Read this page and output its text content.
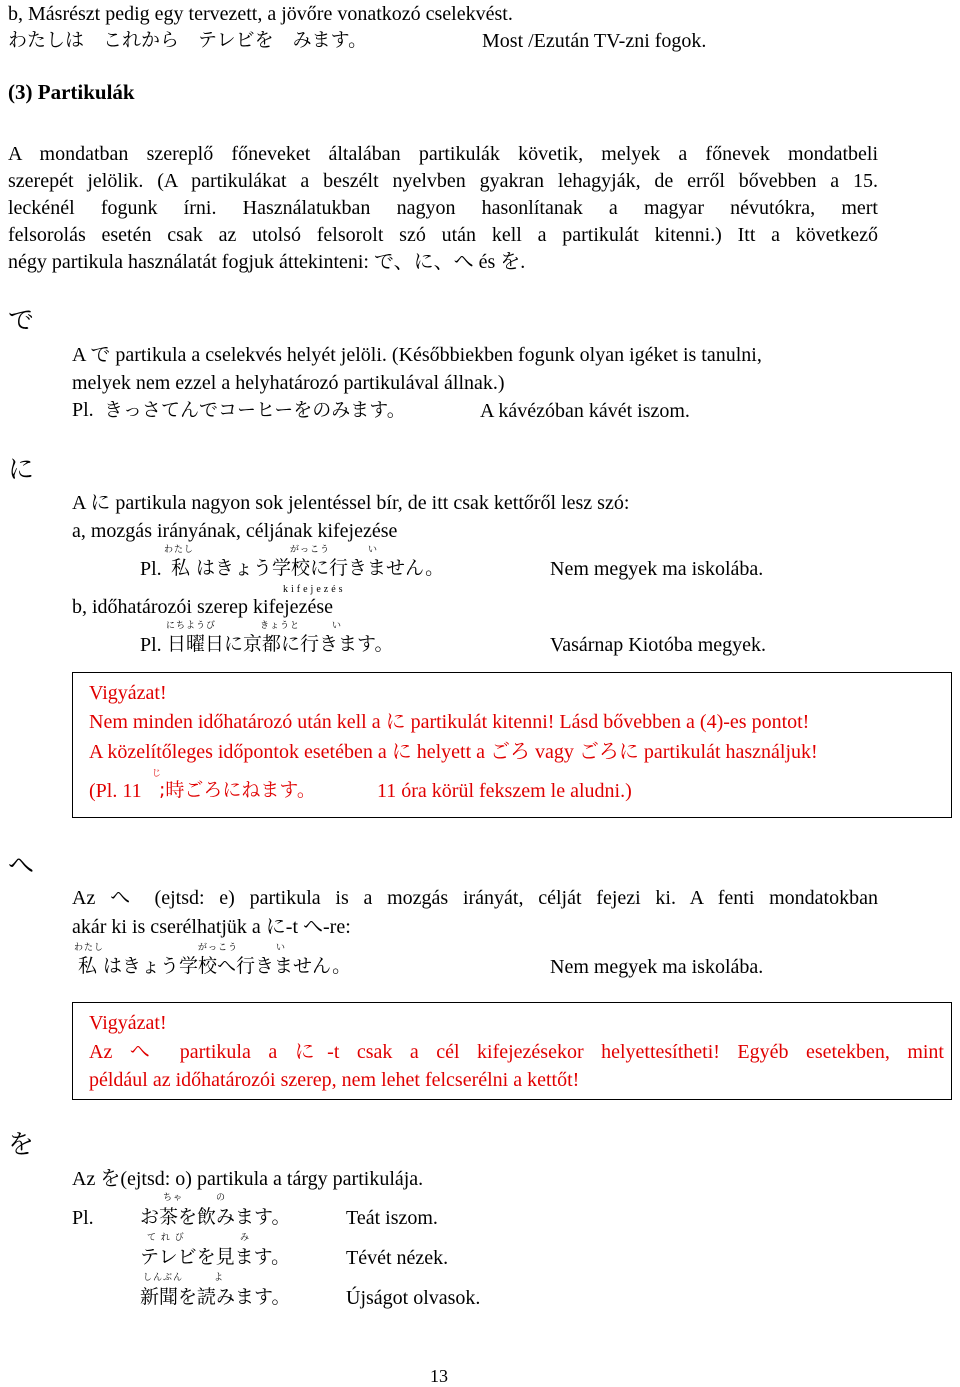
b, Másrészt pedig egy tervezett, a jövőre vonatkozó cselekvést.
わたしは　これから　テレビを　みます。	Most /Ezután TV-zni fogok.
(3) Partikulák
A mondatban szereplő főneveket általában partikulák követik, melyek a főnevek mondatbeli
szerepét jelölik. (A partikulákat a beszélt nyelvben gyakran lehagyják, de erről bővebben a 15.
leckénél fogunk írni. Használatukban nagyon hasonlítanak a magyar névutókra, mert
felsorolás esetén csak az utolsó felsorolt szó után kell a partikulát kitenni.) Itt a következő
négy partikula használatát fogjuk áttekinteni: で、に、へ és を.
で
A で partikula a cselekvés helyét jelöli. (Későbbiekben fogunk olyan igéket is tanulni,
melyek nem ezzel a helyhatározó partikulával állnak.)
Pl. きっさてんでコーヒーをのみます。	A kávézóban kávét iszom.
に
A に partikula nagyon sok jelentéssel bír, de itt csak kettőről lesz szó:
a, mozgás irányának, céljának kifejezése
わたし	がっこう	い
Pl. 私 はきょう学校に行きません。	Nem megyek ma iskolába.
kifejezés
b, időhatározói szerep kifejezése
にちようび	きょうと	い
Pl. 日曜日に京都に行きます。	Vasárnap Kiotóba megyek.
Vigyázat!
Nem minden időhatározó után kell a に partikulát kitenni! Lásd bővebben a (4)-es pontot!
A közelítőleges időpontok esetében a に helyett a ごろ vagy ごろに partikulát használjuk!
じ
(Pl. 11 ;時ごろにねます。	11 óra körül fekszem le aludni.)
へ
Az へ (ejtsd: e) partikula is a mozgás irányát, célját fejezi ki. A fenti mondatokban
akár ki is cserélhatjük a に-t へ-re:
わたし	がっこう	い
私 はきょう学校へ行きません。	Nem megyek ma iskolába.
Vigyázat!
Az へ partikula a に-t csak a cél kifejezésekor helyettesítheti! Egyéb esetekben, mint
például az időhatározói szerep, nem lehet felcserélni a kettőt!
を
Az を(ejtsd: o) partikula a tárgy partikulája.
ちゃ	の
Pl. お茶を飲みます。	Teát iszom.
て れ び	み
テレビを見ます。	Tévét nézek.
しんぶん	よ
新聞を読みます。	Újságot olvasok.
13
